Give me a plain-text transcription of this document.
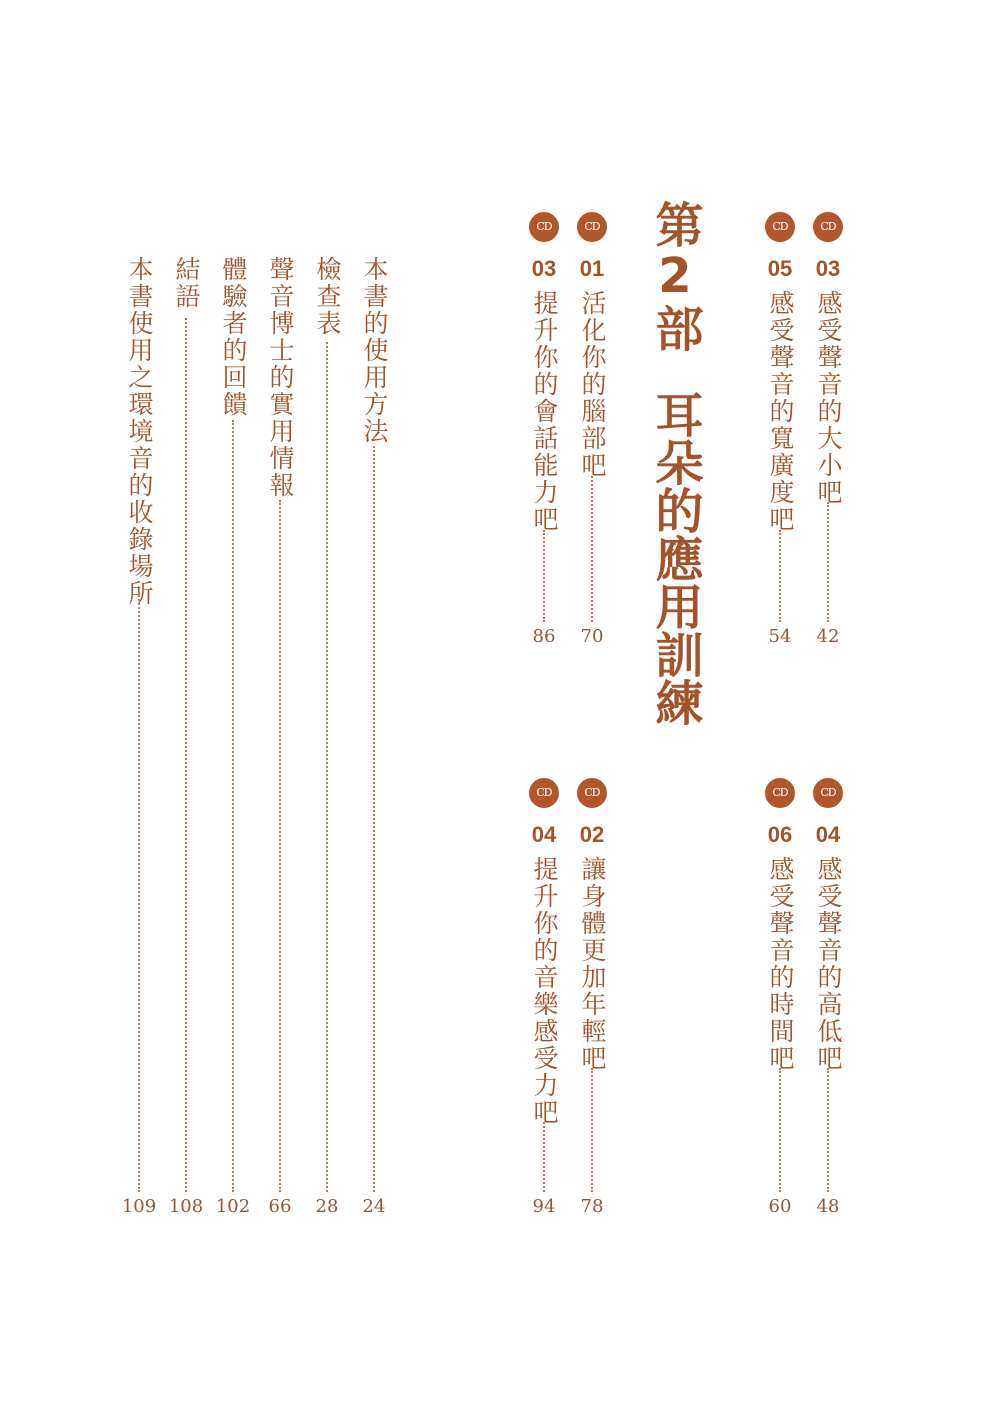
第2部耳朵的應用訓練
CD
03
感受聲音的大小吧
42
CD
05
感受聲音的寬廣度吧
54
CD
04
感受聲音的高低吧
48
CD
06
感受聲音的時間吧
60
CD
01
活化你的腦部吧
70
CD
03
提升你的會話能力吧
86
CD
02
讓身體更加年輕吧
78
CD
04
提升你的音樂感受力吧
94
本書的使用方法
24
檢查表
28
聲音博士的實用情報
66
體驗者的回饋
102
結語
108
本書使用之環境音的收錄場所
109
